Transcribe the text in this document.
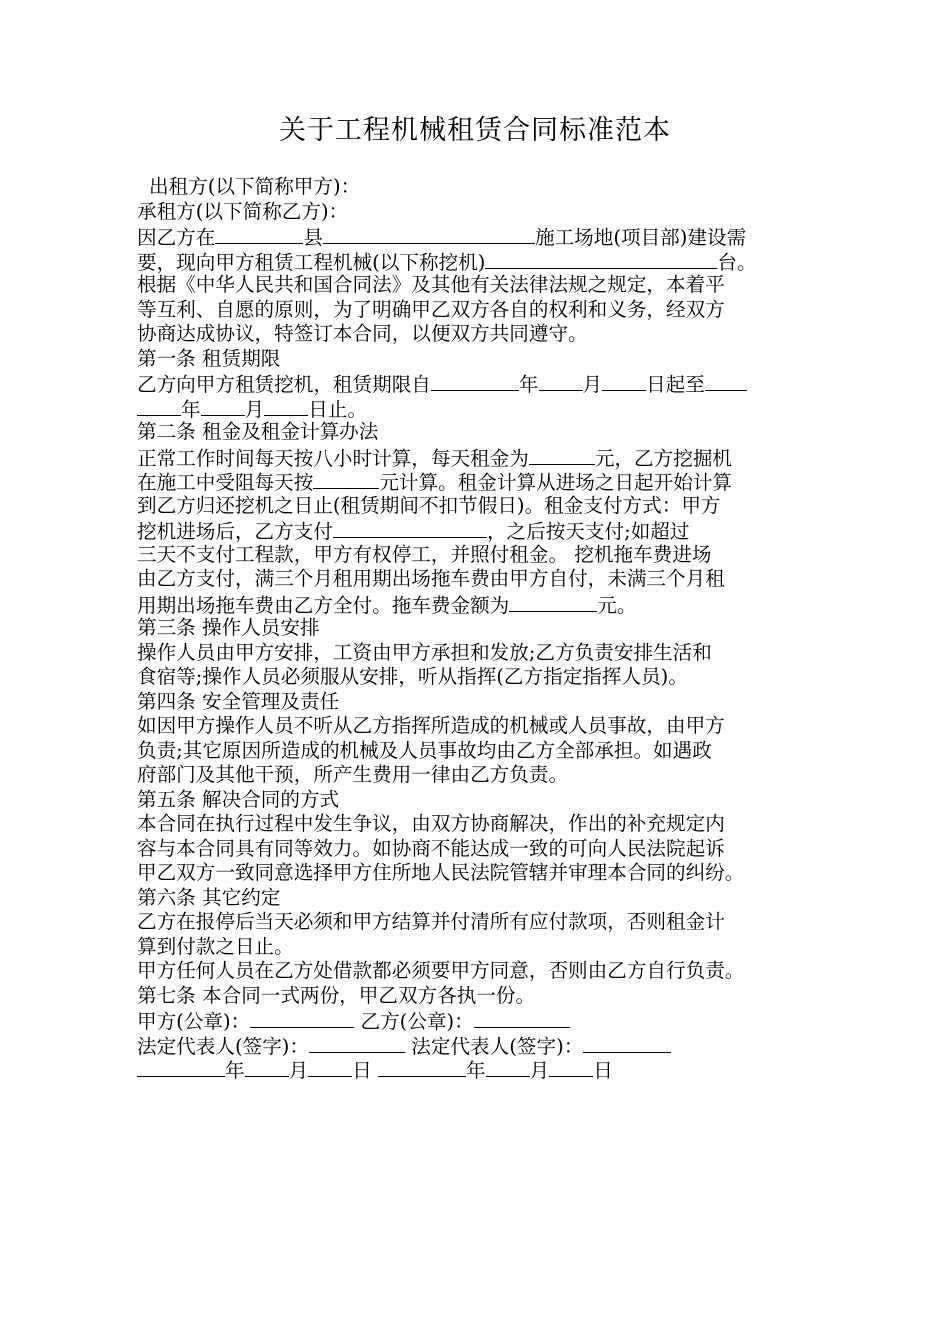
关于工程机械租赁合同标准范本
出租方(以下简称甲方)：
承租方(以下简称乙方)：
因乙方在	县	施工场地(项目部)建设需
要，现向甲方租赁工程机械(以下称挖机)	台。
根据《中华人民共和国合同法》及其他有关法律法规之规定，本着平
等互利、自愿的原则，为了明确甲乙双方各自的权利和义务，经双方
协商达成协议，特签订本合同，以便双方共同遵守。
第一条 租赁期限
乙方向甲方租赁挖机，租赁期限自	年 月 日起至
年 月 日止。
第二条 租金及租金计算办法
正常工作时间每天按八小时计算，每天租金为	元，乙方挖掘机
在施工中受阻每天按	元计算。租金计算从进场之日起开始计算
到乙方归还挖机之日止(租赁期间不扣节假日)。租金支付方式：甲方
挖机进场后，乙方支付	，之后按天支付;如超过
三天不支付工程款，甲方有权停工，并照付租金。 挖机拖车费进场
由乙方支付，满三个月租用期出场拖车费由甲方自付，未满三个月租
用期出场拖车费由乙方全付。拖车费金额为	元。
第三条 操作人员安排
操作人员由甲方安排，工资由甲方承担和发放;乙方负责安排生活和
食宿等;操作人员必须服从安排，听从指挥(乙方指定指挥人员)。
第四条 安全管理及责任
如因甲方操作人员不听从乙方指挥所造成的机械或人员事故，由甲方
负责;其它原因所造成的机械及人员事故均由乙方全部承担。如遇政
府部门及其他干预，所产生费用一律由乙方负责。
第五条 解决合同的方式
本合同在执行过程中发生争议，由双方协商解决，作出的补充规定内
容与本合同具有同等效力。如协商不能达成一致的可向人民法院起诉
甲乙双方一致同意选择甲方住所地人民法院管辖并审理本合同的纠纷。
第六条 其它约定
乙方在报停后当天必须和甲方结算并付清所有应付款项，否则租金计
算到付款之日止。
甲方任何人员在乙方处借款都必须要甲方同意，否则由乙方自行负责。
第七条 本合同一式两份，甲乙双方各执一份。
甲方(公章)：	乙方(公章)：
法定代表人(签字)：	法定代表人(签字)：
年 月 日	年 月 日
